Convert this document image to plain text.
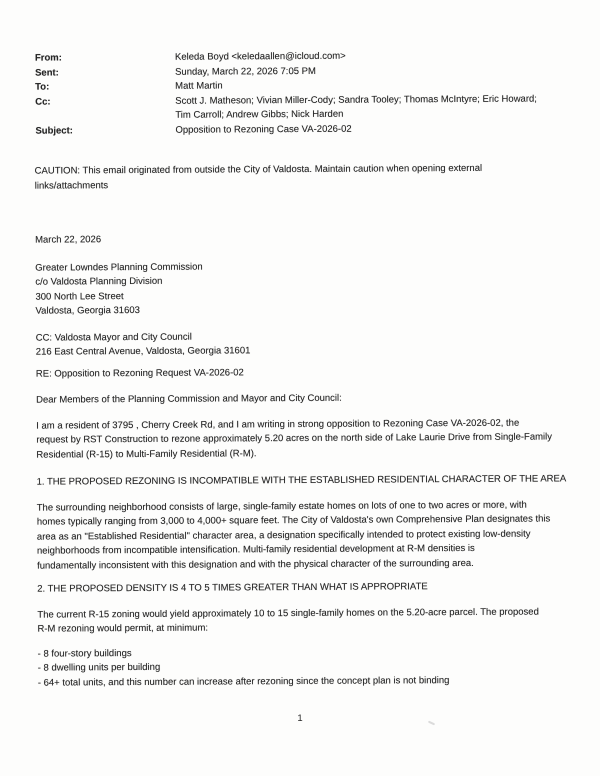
From:	Keleda Boyd <keledaallen@icloud.com>
Sent:	Sunday, March 22, 2026 7:05 PM
To:	Matt Martin
Cc:	Scott J. Matheson; Vivian Miller-Cody; Sandra Tooley; Thomas McIntyre; Eric Howard;
Tim Carroll; Andrew Gibbs; Nick Harden
Subject:	Opposition to Rezoning Case VA-2026-02
CAUTION: This email originated from outside the City of Valdosta. Maintain caution when opening external
links/attachments
March 22, 2026
Greater Lowndes Planning Commission
c/o Valdosta Planning Division
300 North Lee Street
Valdosta, Georgia 31603
CC: Valdosta Mayor and City Council
216 East Central Avenue, Valdosta, Georgia 31601
RE: Opposition to Rezoning Request VA-2026-02
Dear Members of the Planning Commission and Mayor and City Council:
I am a resident of 3795 , Cherry Creek Rd, and I am writing in strong opposition to Rezoning Case VA-2026-02, the
request by RST Construction to rezone approximately 5.20 acres on the north side of Lake Laurie Drive from Single-Family
Residential (R-15) to Multi-Family Residential (R-M).
1. THE PROPOSED REZONING IS INCOMPATIBLE WITH THE ESTABLISHED RESIDENTIAL CHARACTER OF THE AREA
The surrounding neighborhood consists of large, single-family estate homes on lots of one to two acres or more, with
homes typically ranging from 3,000 to 4,000+ square feet. The City of Valdosta's own Comprehensive Plan designates this
area as an "Established Residential" character area, a designation specifically intended to protect existing low-density
neighborhoods from incompatible intensification. Multi-family residential development at R-M densities is
fundamentally inconsistent with this designation and with the physical character of the surrounding area.
2. THE PROPOSED DENSITY IS 4 TO 5 TIMES GREATER THAN WHAT IS APPROPRIATE
The current R-15 zoning would yield approximately 10 to 15 single-family homes on the 5.20-acre parcel. The proposed
R-M rezoning would permit, at minimum:
- 8 four-story buildings
- 8 dwelling units per building
- 64+ total units, and this number can increase after rezoning since the concept plan is not binding
1
